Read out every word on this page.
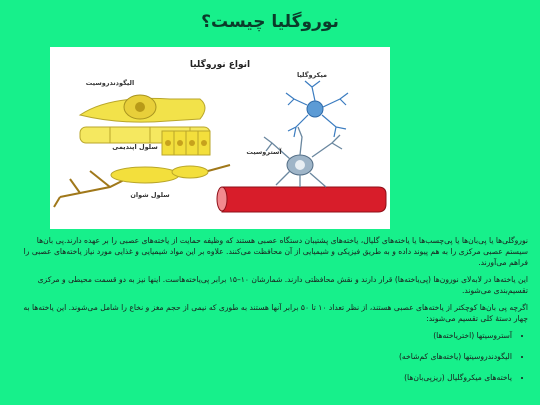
نوروگلیا چیست؟
انواع نوروگلیا
الیگودندروسیت
سلول اپندیمی
سلول شوان
میکروگلیا
آستروسیت

نوروگلی‌ها یا پی‌بان‌ها یا پی‌چسب‌ها یا یاخته‌های گلیال، یاخته‌های پشتیبان دستگاه عصبی هستند که وظیفه حمایت از یاخته‌های عصبی را بر عهده دارند.پی بان‌ها سیستم عصبی مرکزی را به هم پیوند داده و به طریق فیزیکی و شیمیایی از آن محافظت می‌کنند. علاوه بر این مواد شیمیایی و غذایی مورد نیاز یاخته‌های عصبی را فراهم می‌آورند.

این یاخته‌ها در لابه‌لای نورون‌ها (پی‌یاخته‌ها) قرار دارند و نقش محافظتی دارند. شمارشان ۱۰–۱۵ برابر پی‌یاخته‌هاست. اینها نیز به دو قسمت محیطی و مرکزی تقسیم‌بندی می‌شوند.

اگرچه پی بان‌ها کوچکتر از یاخته‌های عصبی هستند، از نظر تعداد ۱۰ تا ۵۰ برابر آنها هستند به طوری که نیمی از حجم مغز و نخاع را شامل می‌شوند. این یاخته‌ها به چهار دستهٔ کلی تقسیم می‌شوند:

• آستروسیتها (اختریاخته‌ها)
• الیگودندروسیتها (یاخته‌های کم‌شاخه)
• یاخته‌های میکروگلیال (ریزپی‌بان‌ها)
